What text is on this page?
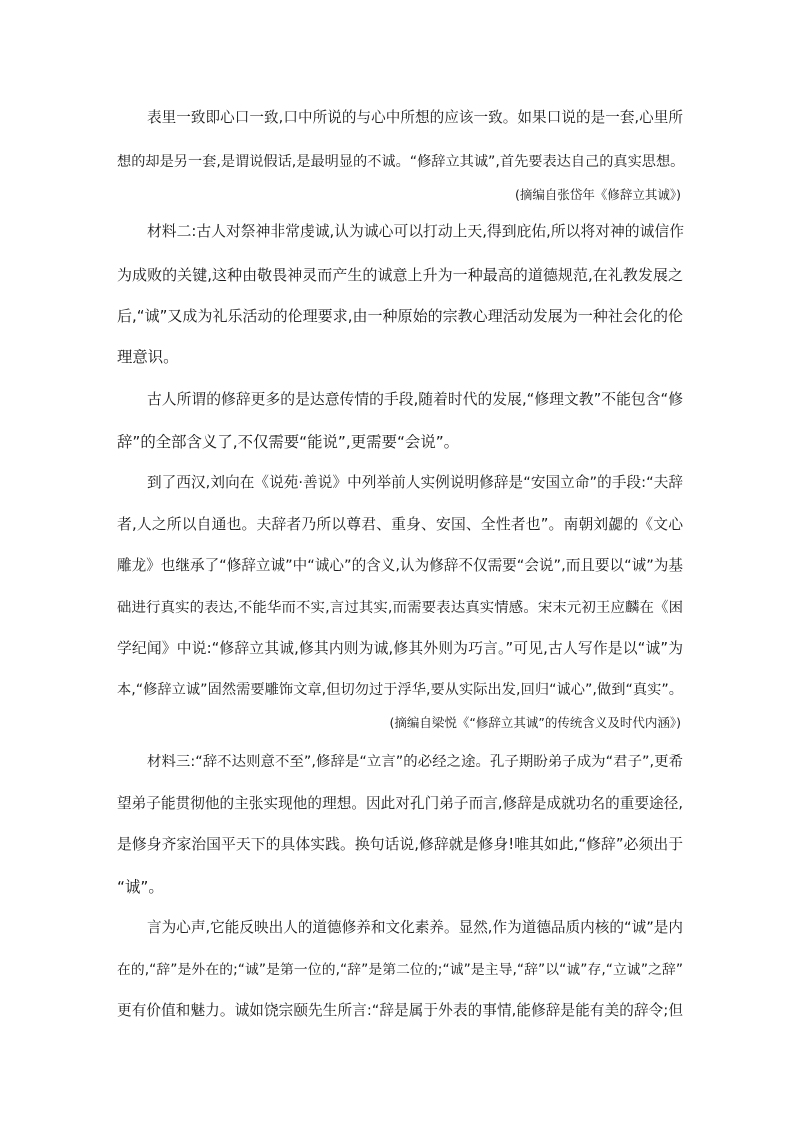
表里一致即心口一致,口中所说的与心中所想的应该一致。如果口说的是一套,心里所
想的却是另一套,是谓说假话,是最明显的不诚。“修辞立其诚”,首先要表达自己的真实思想。
(摘编自张岱年《修辞立其诚》)
材料二:古人对祭神非常虔诚,认为诚心可以打动上天,得到庇佑,所以将对神的诚信作
为成败的关键,这种由敬畏神灵而产生的诚意上升为一种最高的道德规范,在礼教发展之
后,“诚”又成为礼乐活动的伦理要求,由一种原始的宗教心理活动发展为一种社会化的伦
理意识。
古人所谓的修辞更多的是达意传情的手段,随着时代的发展,“修理文教”不能包含“修
辞”的全部含义了,不仅需要“能说”,更需要“会说”。
到了西汉,刘向在《说苑·善说》中列举前人实例说明修辞是“安国立命”的手段:“夫辞
者,人之所以自通也。夫辞者乃所以尊君、重身、安国、全性者也”。南朝刘勰的《文心
雕龙》也继承了“修辞立诚”中“诚心”的含义,认为修辞不仅需要“会说”,而且要以“诚”为基
础进行真实的表达,不能华而不实,言过其实,而需要表达真实情感。宋末元初王应麟在《困
学纪闻》中说:“修辞立其诚,修其内则为诚,修其外则为巧言。”可见,古人写作是以“诚”为
本,“修辞立诚”固然需要雕饰文章,但切勿过于浮华,要从实际出发,回归“诚心”,做到“真实”。
(摘编自梁悦《“修辞立其诚”的传统含义及时代内涵》)
材料三:“辞不达则意不至”,修辞是“立言”的必经之途。孔子期盼弟子成为“君子”,更希
望弟子能贯彻他的主张实现他的理想。因此对孔门弟子而言,修辞是成就功名的重要途径,
是修身齐家治国平天下的具体实践。换句话说,修辞就是修身!唯其如此,“修辞”必须出于
“诚”。
言为心声,它能反映出人的道德修养和文化素养。显然,作为道德品质内核的“诚”是内
在的,“辞”是外在的;“诚”是第一位的,“辞”是第二位的;“诚”是主导,“辞”以“诚”存,“立诚”之辞”
更有价值和魅力。诚如饶宗颐先生所言:“辞是属于外表的事情,能修辞是能有美的辞令;但
